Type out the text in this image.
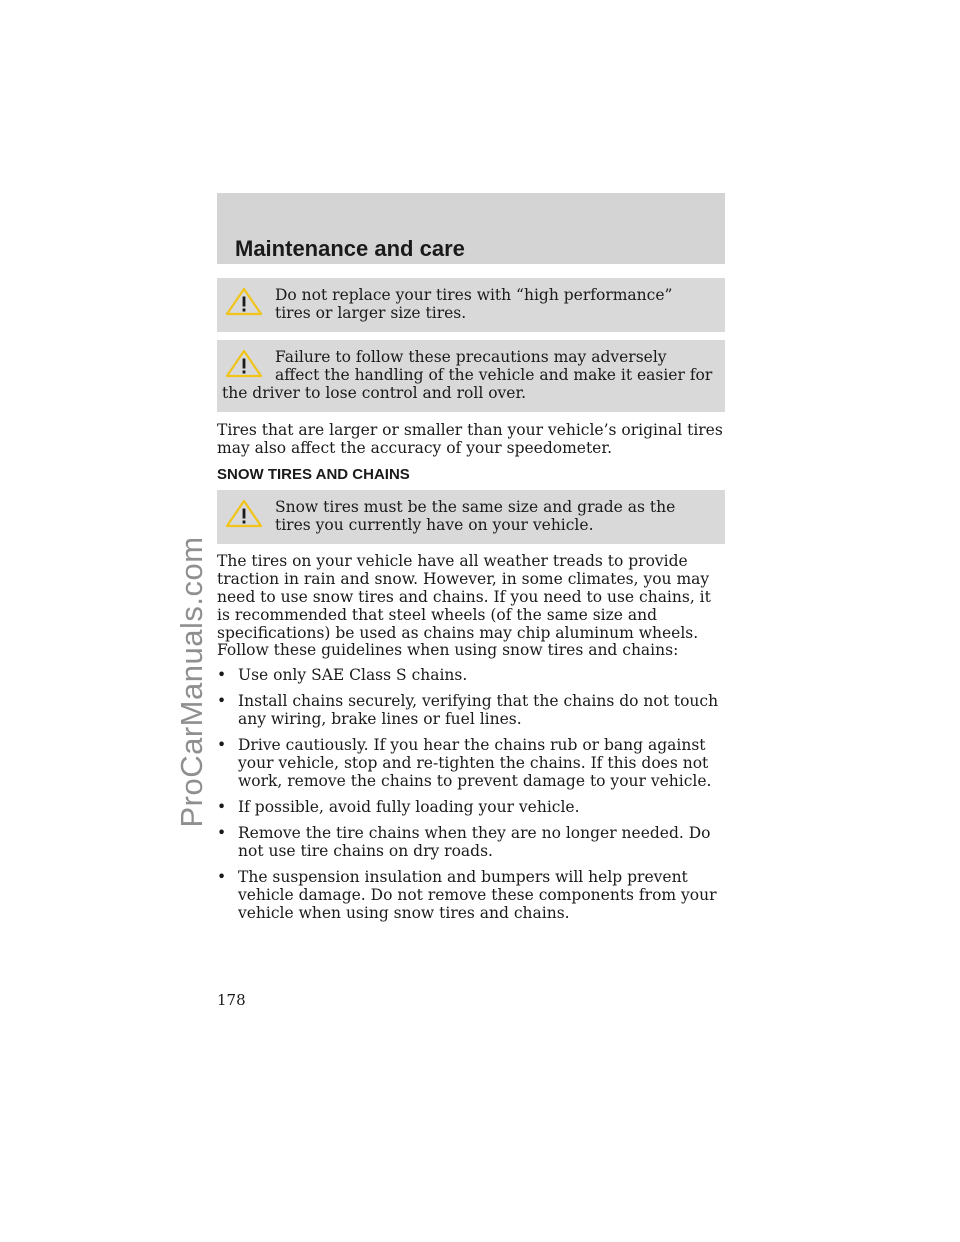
Maintenance and care

Do not replace your tires with “high performance” tires or larger size tires.

Failure to follow these precautions may adversely affect the handling of the vehicle and make it easier for the driver to lose control and roll over.

Tires that are larger or smaller than your vehicle’s original tires may also affect the accuracy of your speedometer.

SNOW TIRES AND CHAINS

Snow tires must be the same size and grade as the tires you currently have on your vehicle.

The tires on your vehicle have all weather treads to provide traction in rain and snow. However, in some climates, you may need to use snow tires and chains. If you need to use chains, it is recommended that steel wheels (of the same size and specifications) be used as chains may chip aluminum wheels.

Follow these guidelines when using snow tires and chains:

• Use only SAE Class S chains.
• Install chains securely, verifying that the chains do not touch any wiring, brake lines or fuel lines.
• Drive cautiously. If you hear the chains rub or bang against your vehicle, stop and re-tighten the chains. If this does not work, remove the chains to prevent damage to your vehicle.
• If possible, avoid fully loading your vehicle.
• Remove the tire chains when they are no longer needed. Do not use tire chains on dry roads.
• The suspension insulation and bumpers will help prevent vehicle damage. Do not remove these components from your vehicle when using snow tires and chains.

178

ProCarManuals.com
